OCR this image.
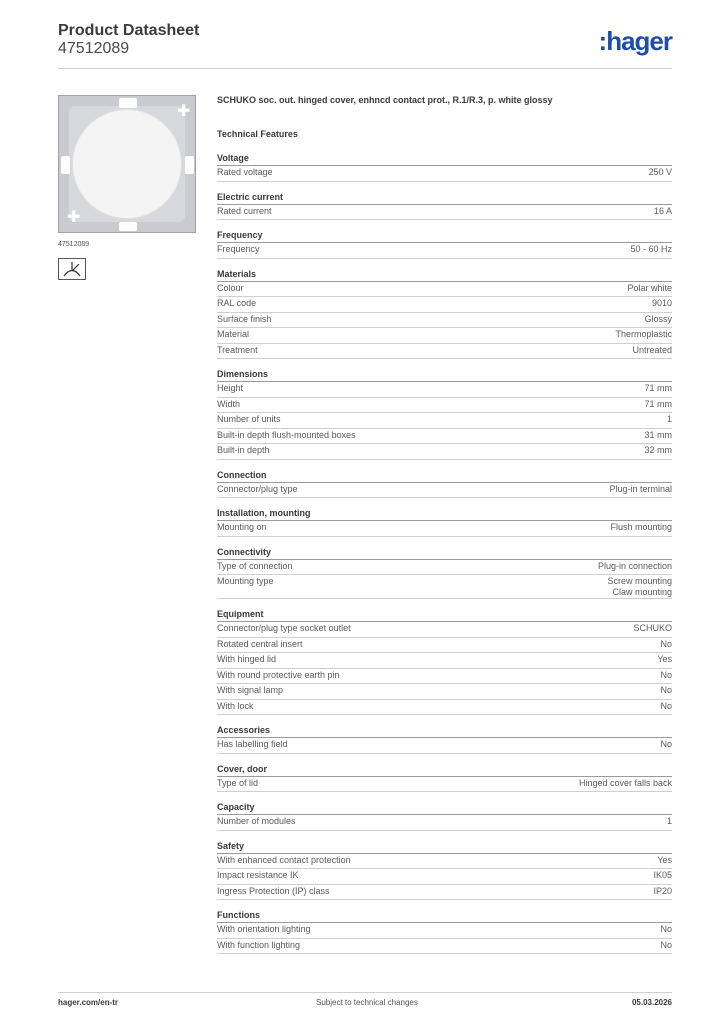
Product Datasheet
47512089	:hager
✚
✚
47512089
SCHUKO soc. out. hinged cover, enhncd contact prot., R.1/R.3, p. white glossy
Technical Features
Voltage
Rated voltage	250 V
Electric current
Rated current	16 A
Frequency
Frequency	50 - 60 Hz
Materials
Colour	Polar white
RAL code	9010
Surface finish	Glossy
Material	Thermoplastic
Treatment	Untreated
Dimensions
Height	71 mm
Width	71 mm
Number of units	1
Built-in depth flush-mounted boxes	31 mm
Built-in depth	32 mm
Connection
Connector/plug type	Plug-in terminal
Installation, mounting
Mounting on	Flush mounting
Connectivity
Type of connection	Plug-in connection
Mounting type	Screw mounting
Claw mounting
Equipment
Connector/plug type socket outlet	SCHUKO
Rotated central insert	No
With hinged lid	Yes
With round protective earth pin	No
With signal lamp	No
With lock	No
Accessories
Has labelling field	No
Cover, door
Type of lid	Hinged cover falls back
Capacity
Number of modules	1
Safety
With enhanced contact protection	Yes
Impact resistance IK	IK05
Ingress Protection (IP) class	IP20
Functions
With orientation lighting	No
With function lighting	No
hager.com/en-tr	Subject to technical changes	05.03.2026
